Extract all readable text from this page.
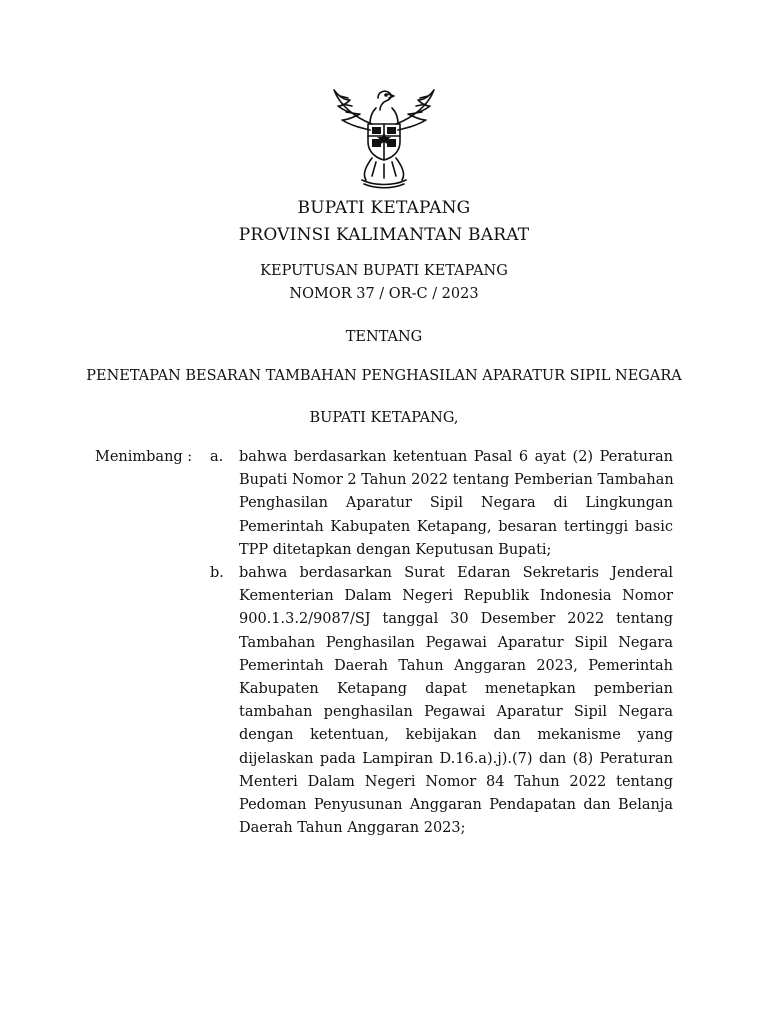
BUPATI KETAPANG
PROVINSI KALIMANTAN BARAT
KEPUTUSAN BUPATI KETAPANG
NOMOR 37 / OR-C / 2023
TENTANG
PENETAPAN BESARAN TAMBAHAN PENGHASILAN APARATUR SIPIL NEGARA
BUPATI KETAPANG,
Menimbang : a. bahwa berdasarkan ketentuan Pasal 6 ayat (2) Peraturan
Bupati Nomor 2 Tahun 2022 tentang Pemberian Tambahan
Penghasilan Aparatur Sipil Negara di Lingkungan
Pemerintah Kabupaten Ketapang, besaran tertinggi basic
TPP ditetapkan dengan Keputusan Bupati;
b. bahwa berdasarkan Surat Edaran Sekretaris Jenderal
Kementerian Dalam Negeri Republik Indonesia Nomor
900.1.3.2/9087/SJ tanggal 30 Desember 2022 tentang
Tambahan Penghasilan Pegawai Aparatur Sipil Negara
Pemerintah Daerah Tahun Anggaran 2023, Pemerintah
Kabupaten Ketapang dapat menetapkan pemberian
tambahan penghasilan Pegawai Aparatur Sipil Negara
dengan ketentuan, kebijakan dan mekanisme yang
dijelaskan pada Lampiran D.16.a).j).(7) dan (8) Peraturan
Menteri Dalam Negeri Nomor 84 Tahun 2022 tentang
Pedoman Penyusunan Anggaran Pendapatan dan Belanja
Daerah Tahun Anggaran 2023;
